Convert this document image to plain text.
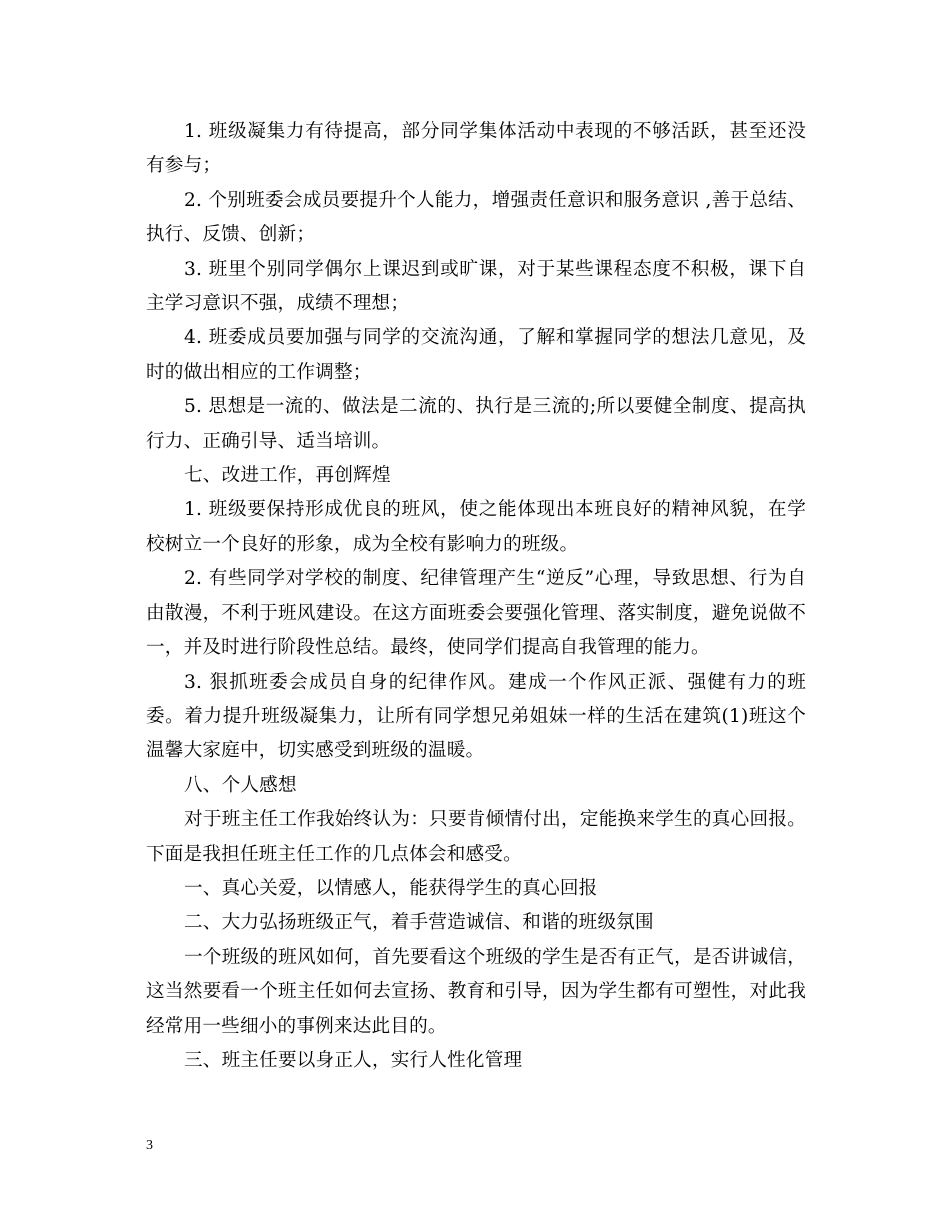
1. 班级凝集力有待提高，部分同学集体活动中表现的不够活跃，甚至还没有参与；

2. 个别班委会成员要提升个人能力，增强责任意识和服务意识 ,善于总结、执行、反馈、创新；

3. 班里个别同学偶尔上课迟到或旷课，对于某些课程态度不积极，课下自主学习意识不强，成绩不理想；

4. 班委成员要加强与同学的交流沟通，了解和掌握同学的想法几意见，及时的做出相应的工作调整；

5. 思想是一流的、做法是二流的、执行是三流的;所以要健全制度、提高执行力、正确引导、适当培训。

七、改进工作，再创辉煌

1. 班级要保持形成优良的班风，使之能体现出本班良好的精神风貌，在学校树立一个良好的形象，成为全校有影响力的班级。

2. 有些同学对学校的制度、纪律管理产生“逆反”心理，导致思想、行为自由散漫，不利于班风建设。在这方面班委会要强化管理、落实制度，避免说做不一，并及时进行阶段性总结。最终，使同学们提高自我管理的能力。

3. 狠抓班委会成员自身的纪律作风。建成一个作风正派、强健有力的班委。着力提升班级凝集力，让所有同学想兄弟姐妹一样的生活在建筑(1)班这个温馨大家庭中，切实感受到班级的温暖。

八、个人感想

对于班主任工作我始终认为：只要肯倾情付出，定能换来学生的真心回报。下面是我担任班主任工作的几点体会和感受。

一、真心关爱，以情感人，能获得学生的真心回报

二、大力弘扬班级正气，着手营造诚信、和谐的班级氛围

一个班级的班风如何，首先要看这个班级的学生是否有正气，是否讲诚信，这当然要看一个班主任如何去宣扬、教育和引导，因为学生都有可塑性，对此我经常用一些细小的事例来达此目的。

三、班主任要以身正人，实行人性化管理

3
